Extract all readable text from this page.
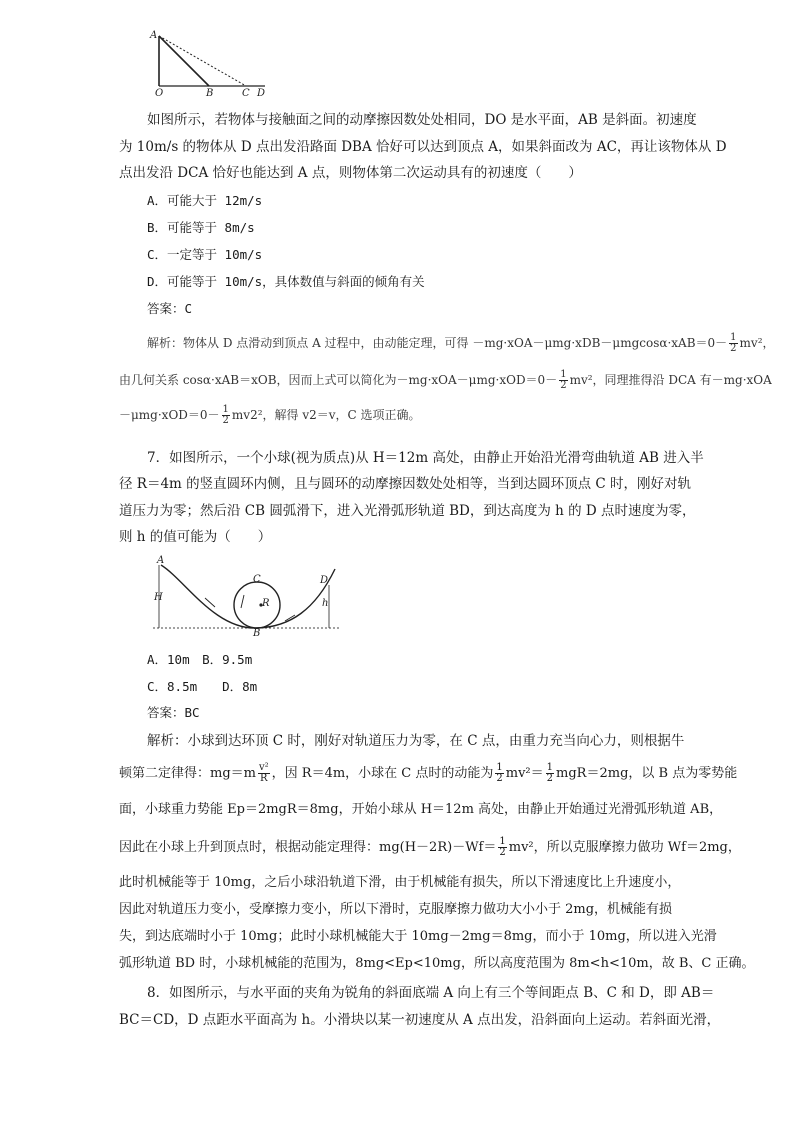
A
O	B	C D
如图所示，若物体与接触面之间的动摩擦因数处处相同，DO 是水平面，AB 是斜面。初速度
为 10m/s 的物体从 D 点出发沿路面 DBA 恰好可以达到顶点 A，如果斜面改为 AC，再让该物体从 D
点出发沿 DCA 恰好也能达到 A 点，则物体第二次运动具有的初速度（　　）
A．可能大于 12m/s
B．可能等于 8m/s
C．一定等于 10m/s
D．可能等于 10m/s，具体数值与斜面的倾角有关
答案：C
解析：物体从 D 点滑动到顶点 A 过程中，由动能定理，可得 $-mg\cdot xOA-\mu mg\cdot xDB-\mu mgcos\alpha\cdot xAB=0- \frac{1}{2} mv^2$，
由几何关系 cosα·xAB＝xOB，因而上式可以简化为$-mg\cdot xOA-\mu mg\cdot xOD=0- \frac{1}{2} mv^2$，同理推得沿 DCA 有－mg·xOA
$-\mu mg\cdot xOD=0- \frac{1}{2} mv2^2$，解得 v2＝v，C 选项正确。
7．如图所示，一个小球(视为质点)从 H＝12m 高处，由静止开始沿光滑弯曲轨道 AB 进入半
径 R＝4m 的竖直圆环内侧，且与圆环的动摩擦因数处处相等，当到达圆环顶点 C 时，刚好对轨
道压力为零；然后沿 CB 圆弧滑下，进入光滑弧形轨道 BD，到达高度为 h 的 D 点时速度为零，
则 h 的值可能为（　　）
A
H
C
R
B
D
h
A．10m　B．9.5m
C．8.5m　　D．8m
答案：BC
解析：小球到达环顶 C 时，刚好对轨道压力为零，在 C 点，由重力充当向心力，则根据牛
顿第二定律得：$mg=m \frac{\text{v²}}{R}$ ，因 R＝4m，小球在 C 点时的动能为 $\frac{1}{2} mv^2= \frac{1}{2} mgR=2mg$，以 B 点为零势能
面，小球重力势能 Ep＝2mgR＝8mg，开始小球从 H＝12m 高处，由静止开始通过光滑弧形轨道 AB，
因此在小球上升到顶点时，根据动能定理得：$mg(H-2R)-Wf= \frac{1}{2} mv^2$，所以克服摩擦力做功 Wf＝2mg，
此时机械能等于 10mg，之后小球沿轨道下滑，由于机械能有损失，所以下滑速度比上升速度小，
因此对轨道压力变小，受摩擦力变小，所以下滑时，克服摩擦力做功大小小于 2mg，机械能有损
失，到达底端时小于 10mg；此时小球机械能大于 10mg－2mg＝8mg，而小于 10mg，所以进入光滑
弧形轨道 BD 时，小球机械能的范围为，8mg<Ep<10mg，所以高度范围为 8m<h<10m，故 B、C 正确。
8．如图所示，与水平面的夹角为锐角的斜面底端 A 向上有三个等间距点 B、C 和 D，即 AB＝
BC＝CD，D 点距水平面高为 h。小滑块以某一初速度从 A 点出发，沿斜面向上运动。若斜面光滑，
